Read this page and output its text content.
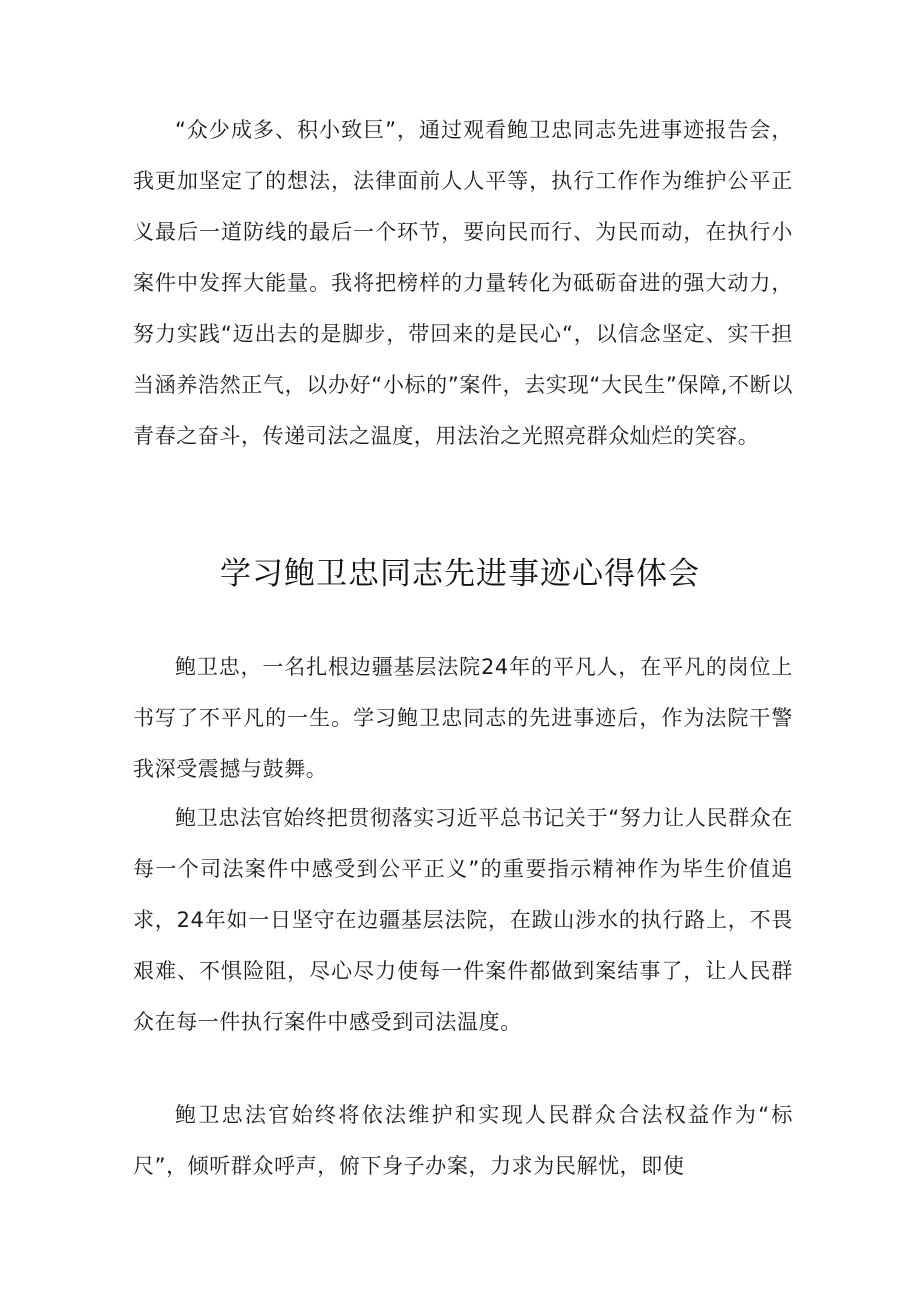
“众少成多、积小致巨”，通过观看鲍卫忠同志先进事迹报告会，我更加坚定了的想法，法律面前人人平等，执行工作作为维护公平正义最后一道防线的最后一个环节，要向民而行、为民而动，在执行小案件中发挥大能量。我将把榜样的力量转化为砥砺奋进的强大动力，努力实践“迈出去的是脚步，带回来的是民心“，以信念坚定、实干担当涵养浩然正气，以办好“小标的”案件，去实现“大民生”保障,不断以青春之奋斗，传递司法之温度，用法治之光照亮群众灿烂的笑容。

学习鲍卫忠同志先进事迹心得体会

鲍卫忠，一名扎根边疆基层法院24年的平凡人，在平凡的岗位上书写了不平凡的一生。学习鲍卫忠同志的先进事迹后，作为法院干警我深受震撼与鼓舞。

鲍卫忠法官始终把贯彻落实习近平总书记关于“努力让人民群众在每一个司法案件中感受到公平正义”的重要指示精神作为毕生价值追求，24年如一日坚守在边疆基层法院，在跋山涉水的执行路上，不畏艰难、不惧险阻，尽心尽力使每一件案件都做到案结事了，让人民群众在每一件执行案件中感受到司法温度。

鲍卫忠法官始终将依法维护和实现人民群众合法权益作为“标尺”，倾听群众呼声，俯下身子办案，力求为民解忧，即使
